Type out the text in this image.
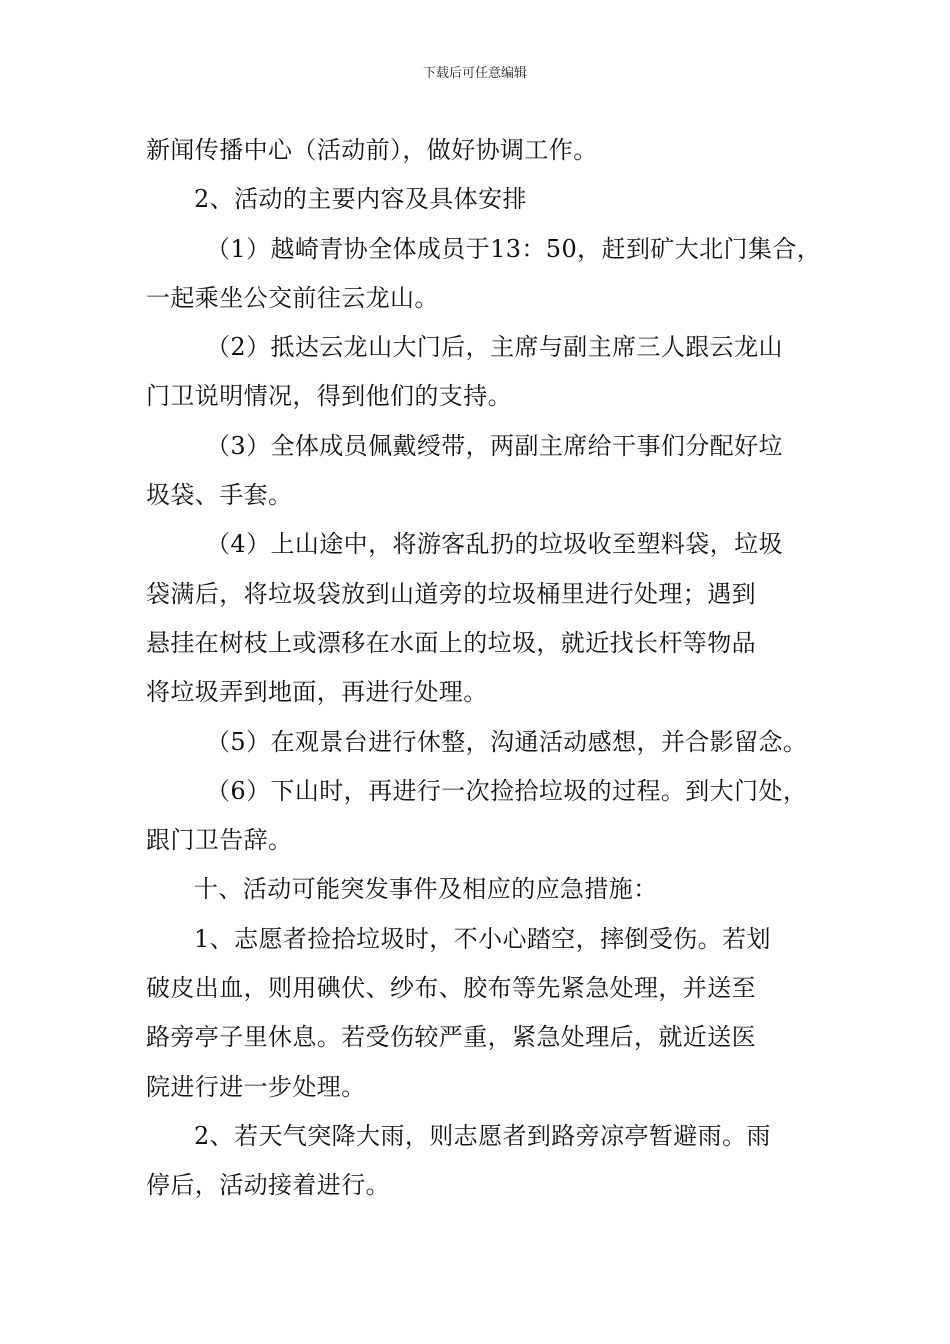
下载后可任意编辑
新闻传播中心（活动前），做好协调工作。
2、活动的主要内容及具体安排
（1）越崎青协全体成员于13：50，赶到矿大北门集合，
一起乘坐公交前往云龙山。
（2）抵达云龙山大门后，主席与副主席三人跟云龙山
门卫说明情况，得到他们的支持。
（3）全体成员佩戴绶带，两副主席给干事们分配好垃
圾袋、手套。
（4）上山途中，将游客乱扔的垃圾收至塑料袋，垃圾
袋满后，将垃圾袋放到山道旁的垃圾桶里进行处理；遇到
悬挂在树枝上或漂移在水面上的垃圾，就近找长杆等物品
将垃圾弄到地面，再进行处理。
（5）在观景台进行休整，沟通活动感想，并合影留念。
（6）下山时，再进行一次捡拾垃圾的过程。到大门处，
跟门卫告辞。
十、活动可能突发事件及相应的应急措施：
1、志愿者捡拾垃圾时，不小心踏空，摔倒受伤。若划
破皮出血，则用碘伏、纱布、胶布等先紧急处理，并送至
路旁亭子里休息。若受伤较严重，紧急处理后，就近送医
院进行进一步处理。
2、若天气突降大雨，则志愿者到路旁凉亭暂避雨。雨
停后，活动接着进行。
